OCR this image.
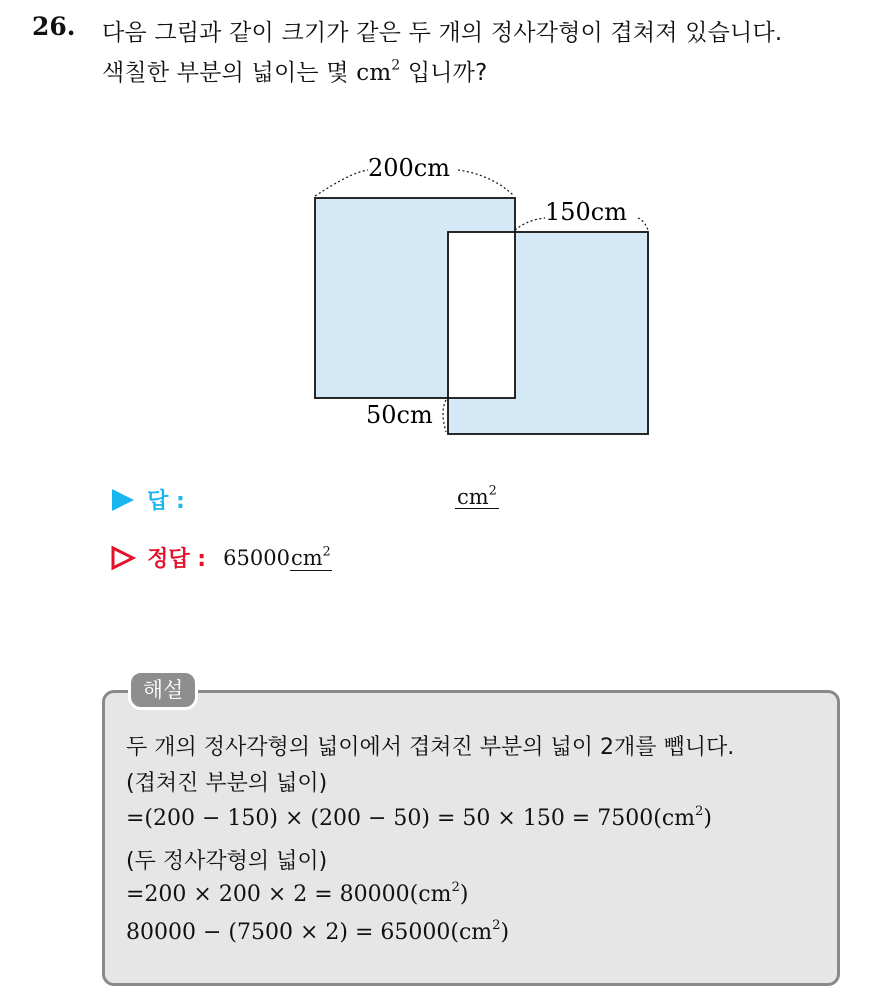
26. 다음 그림과 같이 크기가 같은 두 개의 정사각형이 겹쳐져 있습니다.
색칠한 부분의 넓이는 몇 $cm^2$ 입니까?
200cm
150cm
50cm
답 :	$cm^2$
정답 : $65000cm^2$
해설
두 개의 정사각형의 넓이에서 겹쳐진 부분의 넓이 2개를 뺍니다.
(겹쳐진 부분의 넓이)
$=(200 - 150) \times (200 - 50) = 50 \times 150 = 7500(cm^2)$
(두 정사각형의 넓이)
$=200 \times 200 \times 2 = 80000(cm^2)$
$80000 - (7500 \times 2) = 65000(cm^2)$
